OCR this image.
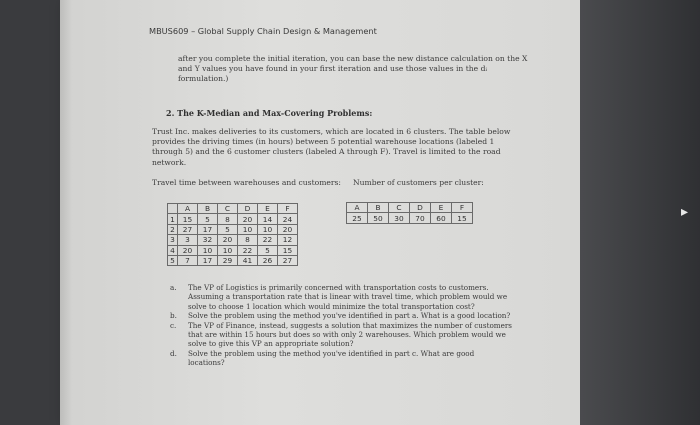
▸
MBUS609 – Global Supply Chain Design & Management
after you complete the initial iteration, you can base the new distance calculation on the X and Y values you have found in your first iteration and use those values in the dᵢ formulation.)
2. The K-Median and Max-Covering Problems:
Trust Inc. makes deliveries to its customers, which are located in 6 clusters. The table below provides the driving times (in hours) between 5 potential warehouse locations (labeled 1 through 5) and the 6 customer clusters (labeled A through F). Travel is limited to the road network.
Travel time between warehouses and customers: Number of customers per cluster:
	A	B	C	D	E	F
1	15	5	8	20	14	24
2	27	17	5	10	10	20
3	3	32	20	8	22	12
4	20	10	10	22	5	15
5	7	17	29	41	26	27
A	B	C	D	E	F
25	50	30	70	60	15
a. The VP of Logistics is primarily concerned with transportation costs to customers. Assuming a transportation rate that is linear with travel time, which problem would we solve to choose 1 location which would minimize the total transportation cost?
b. Solve the problem using the method you've identified in part a. What is a good location?
c. The VP of Finance, instead, suggests a solution that maximizes the number of customers that are within 15 hours but does so with only 2 warehouses. Which problem would we solve to give this VP an appropriate solution?
d. Solve the problem using the method you've identified in part c. What are good locations?
